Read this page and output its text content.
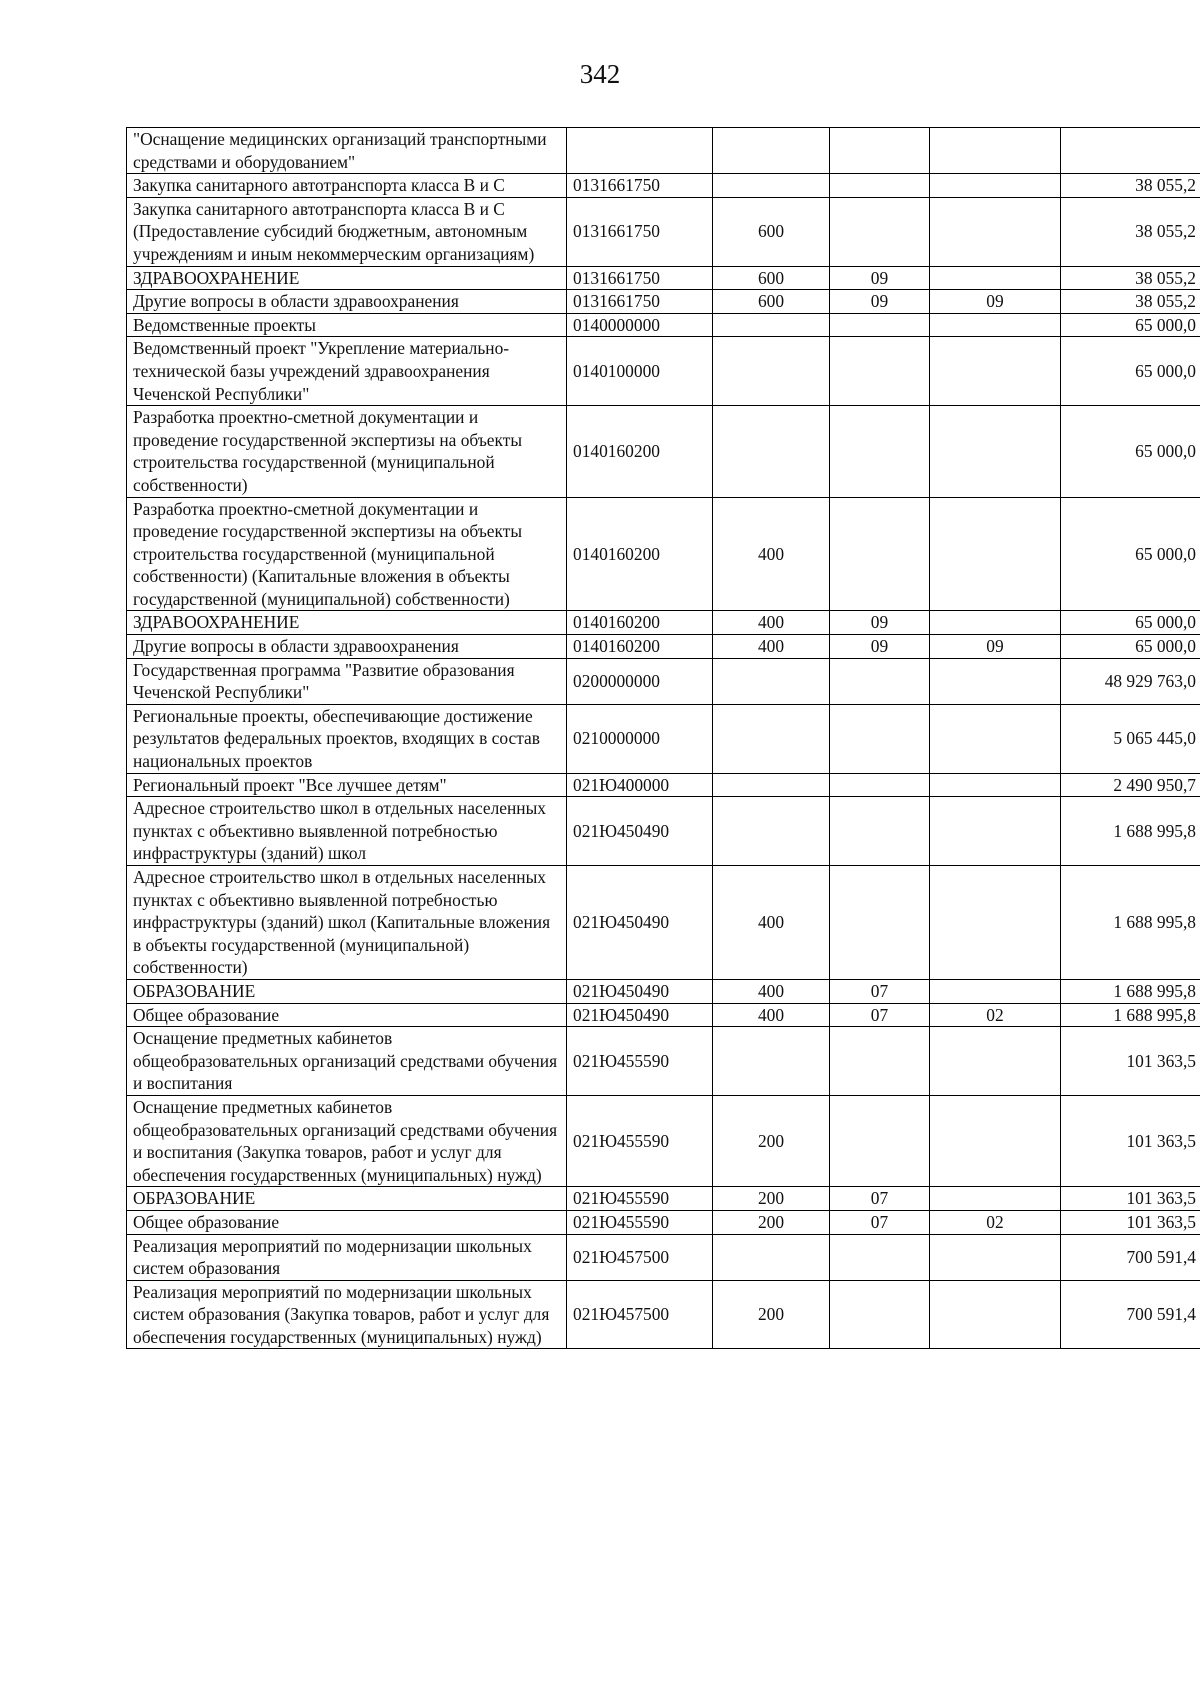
342
"Оснащение медицинских организаций транспортными средствами и оборудованием"					
Закупка санитарного автотранспорта класса В и С	0131661750				38 055,2
Закупка санитарного автотранспорта класса В и С (Предоставление субсидий бюджетным, автономным учреждениям и иным некоммерческим организациям)	0131661750	600			38 055,2
ЗДРАВООХРАНЕНИЕ	0131661750	600	09		38 055,2
Другие вопросы в области здравоохранения	0131661750	600	09	09	38 055,2
Ведомственные проекты	0140000000				65 000,0
Ведомственный проект "Укрепление материально-технической базы учреждений здравоохранения Чеченской Республики"	0140100000				65 000,0
Разработка проектно-сметной документации и проведение государственной экспертизы на объекты строительства государственной (муниципальной собственности)	0140160200				65 000,0
Разработка проектно-сметной документации и проведение государственной экспертизы на объекты строительства государственной (муниципальной собственности) (Капитальные вложения в объекты государственной (муниципальной) собственности)	0140160200	400			65 000,0
ЗДРАВООХРАНЕНИЕ	0140160200	400	09		65 000,0
Другие вопросы в области здравоохранения	0140160200	400	09	09	65 000,0
Государственная программа "Развитие образования Чеченской Республики"	0200000000				48 929 763,0
Региональные проекты, обеспечивающие достижение результатов федеральных проектов, входящих в состав национальных проектов	0210000000				5 065 445,0
Региональный проект "Все лучшее детям"	021Ю400000				2 490 950,7
Адресное строительство школ в отдельных населенных пунктах с объективно выявленной потребностью инфраструктуры (зданий) школ	021Ю450490				1 688 995,8
Адресное строительство школ в отдельных населенных пунктах с объективно выявленной потребностью инфраструктуры (зданий) школ (Капитальные вложения в объекты государственной (муниципальной) собственности)	021Ю450490	400			1 688 995,8
ОБРАЗОВАНИЕ	021Ю450490	400	07		1 688 995,8
Общее образование	021Ю450490	400	07	02	1 688 995,8
Оснащение предметных кабинетов общеобразовательных организаций средствами обучения и воспитания	021Ю455590				101 363,5
Оснащение предметных кабинетов общеобразовательных организаций средствами обучения и воспитания (Закупка товаров, работ и услуг для обеспечения государственных (муниципальных) нужд)	021Ю455590	200			101 363,5
ОБРАЗОВАНИЕ	021Ю455590	200	07		101 363,5
Общее образование	021Ю455590	200	07	02	101 363,5
Реализация мероприятий по модернизации школьных систем образования	021Ю457500				700 591,4
Реализация мероприятий по модернизации школьных систем образования (Закупка товаров, работ и услуг для обеспечения государственных (муниципальных) нужд)	021Ю457500	200			700 591,4
